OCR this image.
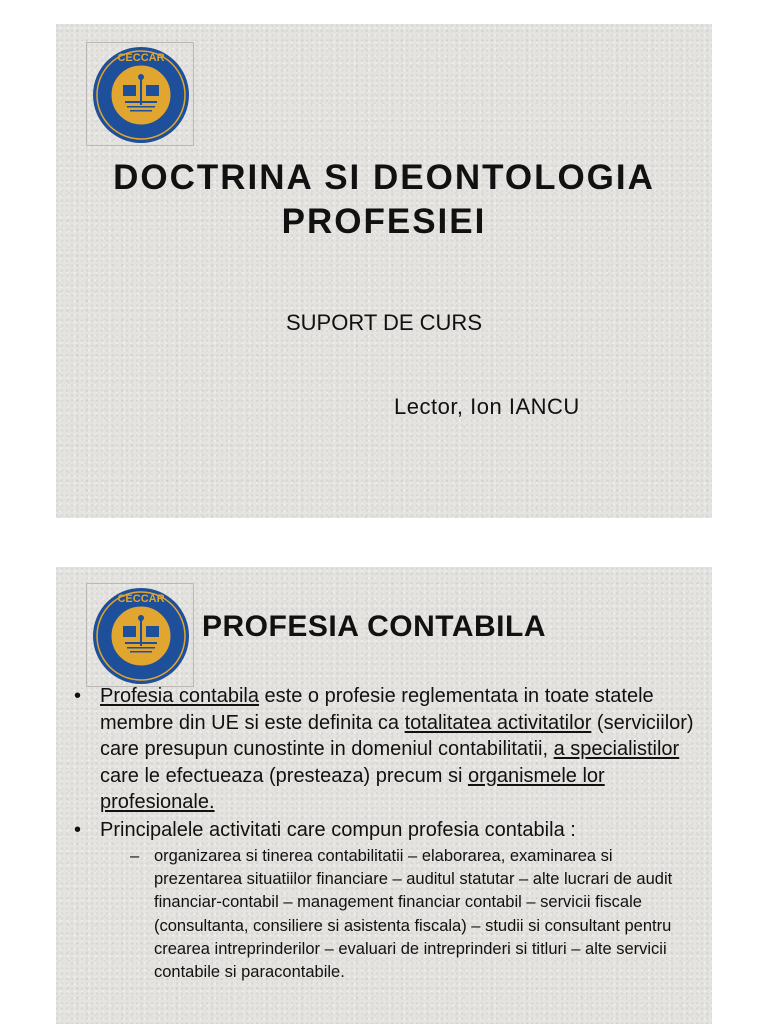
CECCAR
DOCTRINA SI DEONTOLOGIA
PROFESIEI
SUPORT DE CURS
Lector, Ion IANCU
CECCAR
PROFESIA CONTABILA
• Profesia contabila este o profesie reglementata in toate statele membre din UE si este definita ca totalitatea activitatilor (serviciilor) care presupun cunostinte in domeniul contabilitatii, a specialistilor care le efectueaza (presteaza) precum si organismele lor profesionale.
• Principalele activitati care compun profesia contabila :
– organizarea si tinerea contabilitatii – elaborarea, examinarea si prezentarea situatiilor financiare – auditul statutar – alte lucrari de audit financiar-contabil – management financiar contabil – servicii fiscale (consultanta, consiliere si asistenta fiscala) – studii si consultant pentru crearea intreprinderilor – evaluari de intreprinderi si titluri – alte servicii contabile si paracontabile.
